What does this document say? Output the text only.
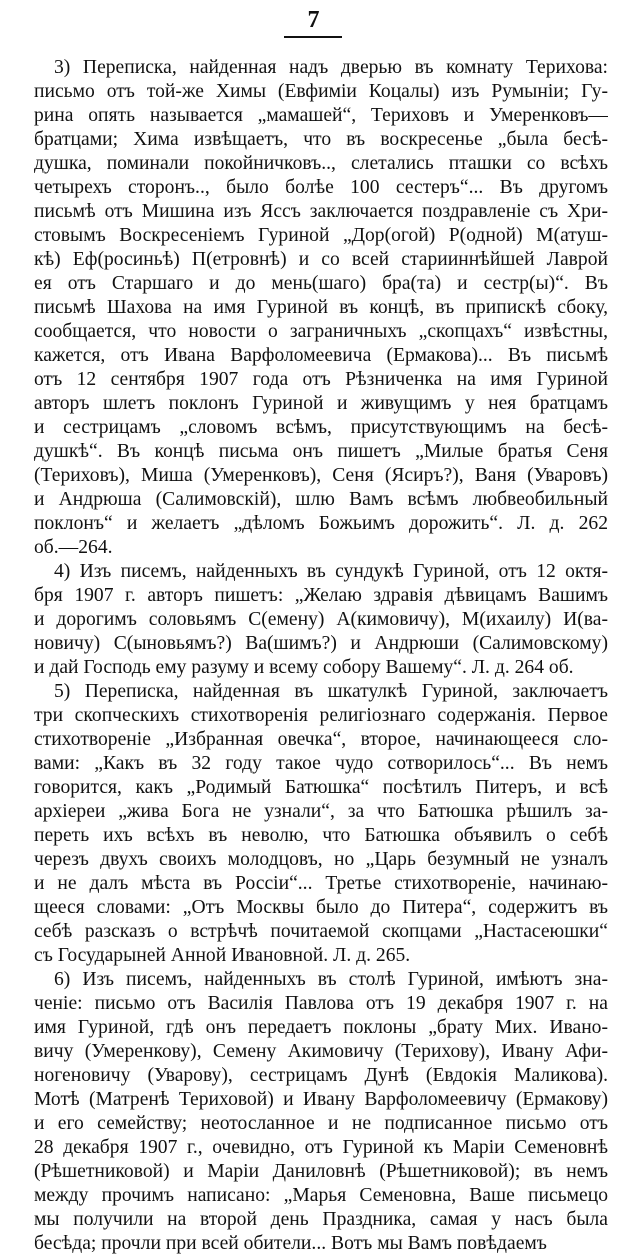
7
3) Переписка, найденная надъ дверью въ комнату Терихова:
письмо отъ той-же Химы (Евфиміи Коцалы) изъ Румыніи; Гу-
рина опять называется „мамашей“, Териховъ и Умеренковъ—
братцами; Хима извѣщаетъ, что въ воскресенье „была бесѣ-
душка, поминали покойничковъ.., слетались пташки со всѣхъ
четырехъ сторонъ.., было болѣе 100 сестеръ“... Въ другомъ
письмѣ отъ Мишина изъ Яссъ заключается поздравленіе съ Хри-
стовымъ Воскресеніемъ Гуриной „Дор(огой) Р(одной) М(атуш-
кѣ) Еф(росиньѣ) П(етровнѣ) и со всей старииннѣйшей Лаврой
ея отъ Старшаго и до мень(шаго) бра(та) и сестр(ы)“. Въ
письмѣ Шахова на имя Гуриной въ концѣ, въ припискѣ сбоку,
сообщается, что новости о заграничныхъ „скопцахъ“ извѣстны,
кажется, отъ Ивана Варфоломеевича (Ермакова)... Въ письмѣ
отъ 12 сентября 1907 года отъ Рѣзниченка на имя Гуриной
авторъ шлетъ поклонъ Гуриной и живущимъ у нея братцамъ
и сестрицамъ „словомъ всѣмъ, присутствующимъ на бесѣ-
душкѣ“. Въ концѣ письма онъ пишетъ „Милые братья Сеня
(Териховъ), Миша (Умеренковъ), Сеня (Ясиръ?), Ваня (Уваровъ)
и Андрюша (Салимовскій), шлю Вамъ всѣмъ любвеобильный
поклонъ“ и желаетъ „дѣломъ Божьимъ дорожить“. Л. д. 262
об.—264.
4) Изъ писемъ, найденныхъ въ сундукѣ Гуриной, отъ 12 октя-
бря 1907 г. авторъ пишетъ: „Желаю здравія дѣвицамъ Вашимъ
и дорогимъ соловьямъ С(емену) А(кимовичу), М(ихаилу) И(ва-
новичу) С(ыновьямъ?) Ва(шимъ?) и Андрюши (Салимовскому)
и дай Господь ему разуму и всему собору Вашему“. Л. д. 264 об.
5) Переписка, найденная въ шкатулкѣ Гуриной, заключаетъ
три скопческихъ стихотворенія религіознаго содержанія. Первое
стихотвореніе „Избранная овечка“, второе, начинающееся сло-
вами: „Какъ въ 32 году такое чудо сотворилось“... Въ немъ
говорится, какъ „Родимый Батюшка“ посѣтилъ Питеръ, и всѣ
архіереи „жива Бога не узнали“, за что Батюшка рѣшилъ за-
переть ихъ всѣхъ въ неволю, что Батюшка объявилъ о себѣ
черезъ двухъ своихъ молодцовъ, но „Царь безумный не узналъ
и не далъ мѣста въ Россіи“... Третье стихотвореніе, начинаю-
щееся словами: „Отъ Москвы было до Питера“, содержитъ въ
себѣ разсказъ о встрѣчѣ почитаемой скопцами „Настасеюшки“
съ Государыней Анной Ивановной. Л. д. 265.
6) Изъ писемъ, найденныхъ въ столѣ Гуриной, имѣютъ зна-
ченіе: письмо отъ Василія Павлова отъ 19 декабря 1907 г. на
имя Гуриной, гдѣ онъ передаетъ поклоны „брату Мих. Иванo-
вичу (Умеренкову), Семену Акимовичу (Терихову), Ивану Афи-
ногеновичу (Уварову), сестрицамъ Дунѣ (Евдокія Маликова).
Мотѣ (Матренѣ Териховой) и Ивану Варфоломеевичу (Ермакову)
и его семейству; неотосланное и не подписанное письмо отъ
28 декабря 1907 г., очевидно, отъ Гуриной къ Маріи Семеновнѣ
(Рѣшетниковой) и Маріи Даниловнѣ (Рѣшетниковой); въ немъ
между прочимъ написано: „Марья Семеновна, Ваше письмецо
мы получили на второй день Праздника, самая у насъ была
бесѣда; прочли при всей обители... Вотъ мы Вамъ повѣдаемъ
